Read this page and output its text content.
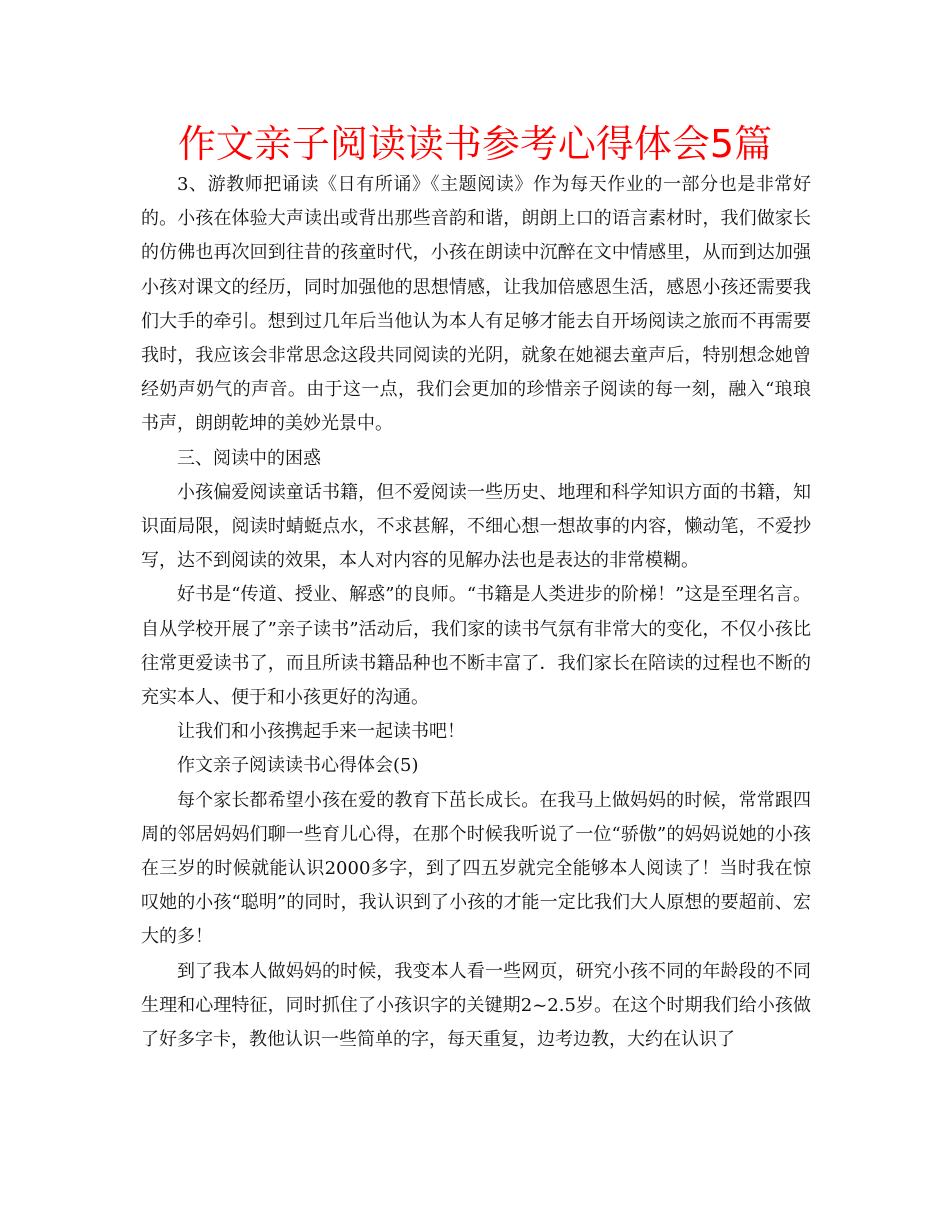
作文亲子阅读读书参考心得体会5篇

3、游教师把诵读《日有所诵》《主题阅读》作为每天作业的一部分也是非常好的。小孩在体验大声读出或背出那些音韵和谐，朗朗上口的语言素材时，我们做家长的仿佛也再次回到往昔的孩童时代，小孩在朗读中沉醉在文中情感里，从而到达加强小孩对课文的经历，同时加强他的思想情感，让我加倍感恩生活，感恩小孩还需要我们大手的牵引。想到过几年后当他认为本人有足够才能去自开场阅读之旅而不再需要我时，我应该会非常思念这段共同阅读的光阴，就象在她褪去童声后，特别想念她曾经奶声奶气的声音。由于这一点，我们会更加的珍惜亲子阅读的每一刻，融入“琅琅书声，朗朗乾坤的美妙光景中。

三、阅读中的困惑

小孩偏爱阅读童话书籍，但不爱阅读一些历史、地理和科学知识方面的书籍，知识面局限，阅读时蜻蜓点水，不求甚解，不细心想一想故事的内容，懒动笔，不爱抄写，达不到阅读的效果，本人对内容的见解办法也是表达的非常模糊。

好书是“传道、授业、解惑”的良师。“书籍是人类进步的阶梯！”这是至理名言。自从学校开展了”亲子读书”活动后，我们家的读书气氛有非常大的变化，不仅小孩比往常更爱读书了，而且所读书籍品种也不断丰富了．我们家长在陪读的过程也不断的充实本人、便于和小孩更好的沟通。

让我们和小孩携起手来一起读书吧！

作文亲子阅读读书心得体会(5)

每个家长都希望小孩在爱的教育下茁长成长。在我马上做妈妈的时候，常常跟四周的邻居妈妈们聊一些育儿心得，在那个时候我听说了一位“骄傲”的妈妈说她的小孩在三岁的时候就能认识2000多字，到了四五岁就完全能够本人阅读了！当时我在惊叹她的小孩“聪明”的同时，我认识到了小孩的才能一定比我们大人原想的要超前、宏大的多！

到了我本人做妈妈的时候，我变本人看一些网页，研究小孩不同的年龄段的不同生理和心理特征，同时抓住了小孩识字的关键期2~2.5岁。在这个时期我们给小孩做了好多字卡，教他认识一些简单的字，每天重复，边考边教，大约在认识了
